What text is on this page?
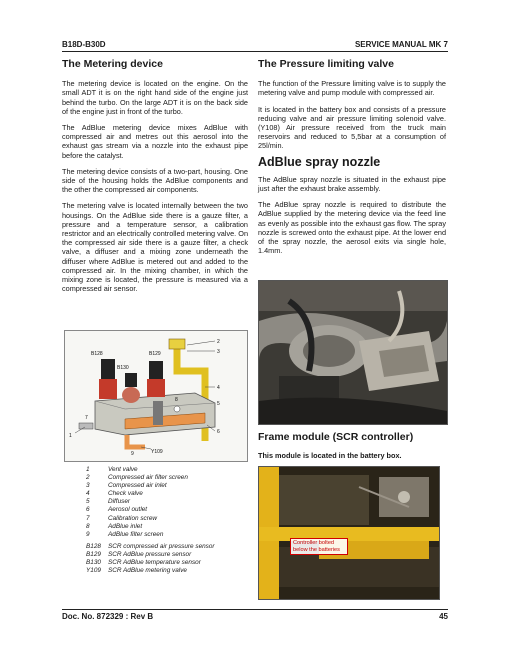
B18D-B30D	SERVICE MANUAL MK 7
The Metering device

The metering device is located on the engine. On the small ADT it is on the right hand side of the engine just behind the turbo. On the large ADT it is on the back side of the engine just in front of the turbo.

The AdBlue metering device mixes AdBlue with compressed air and metres out this aerosol into the exhaust gas stream via a nozzle into the exhaust pipe before the catalyst.

The metering device consists of a two-part, housing. One side of the housing holds the AdBlue components and the other the compressed air components.

The metering valve is located internally between the two housings. On the AdBlue side there is a gauze filter, a pressure and a temperature sensor, a calibration restrictor and an electrically controlled metering valve. On the compressed air side there is a gauze filter, a check valve, a diffuser and a mixing zone underneath the diffuser where AdBlue is metered out and added to the compressed air. In the mixing chamber, in which the mixing zone is located, the pressure is measured via a compressed air sensor.

B128
B130
B129
Y109
2
3
4
5
6
1
7
8
9
1	Vent valve
2	Compressed air filter screen
3	Compressed air inlet
4	Check valve
5	Diffuser
6	Aerosol outlet
7	Calibration screw
8	AdBlue inlet
9	AdBlue filter screen
B128	SCR compressed air pressure sensor
B129	SCR AdBlue pressure sensor
B130	SCR AdBlue temperature sensor
Y109	SCR AdBlue metering valve
The Pressure limiting valve

The function of the Pressure limiting valve is to supply the metering valve and pump module with compressed air.

It is located in the battery box and consists of a pressure reducing valve and air pressure limiting solenoid valve. (Y108) Air pressure received from the truck main reservoirs and reduced to 5,5bar at a consumption of 25l/min.

AdBlue spray nozzle

The AdBlue spray nozzle is situated in the exhaust pipe just after the exhaust brake assembly.

The AdBlue spray nozzle is required to distribute the AdBlue supplied by the metering device via the feed line as evenly as possible into the exhaust gas flow. The spray nozzle is screwed onto the exhaust pipe. At the lower end of the spray nozzle, the aerosol exits via single hole, 1.4mm.

Frame module (SCR controller)
This module is located in the battery box.
Controller bolted below the batteries
Doc. No. 872329 : Rev B	45
